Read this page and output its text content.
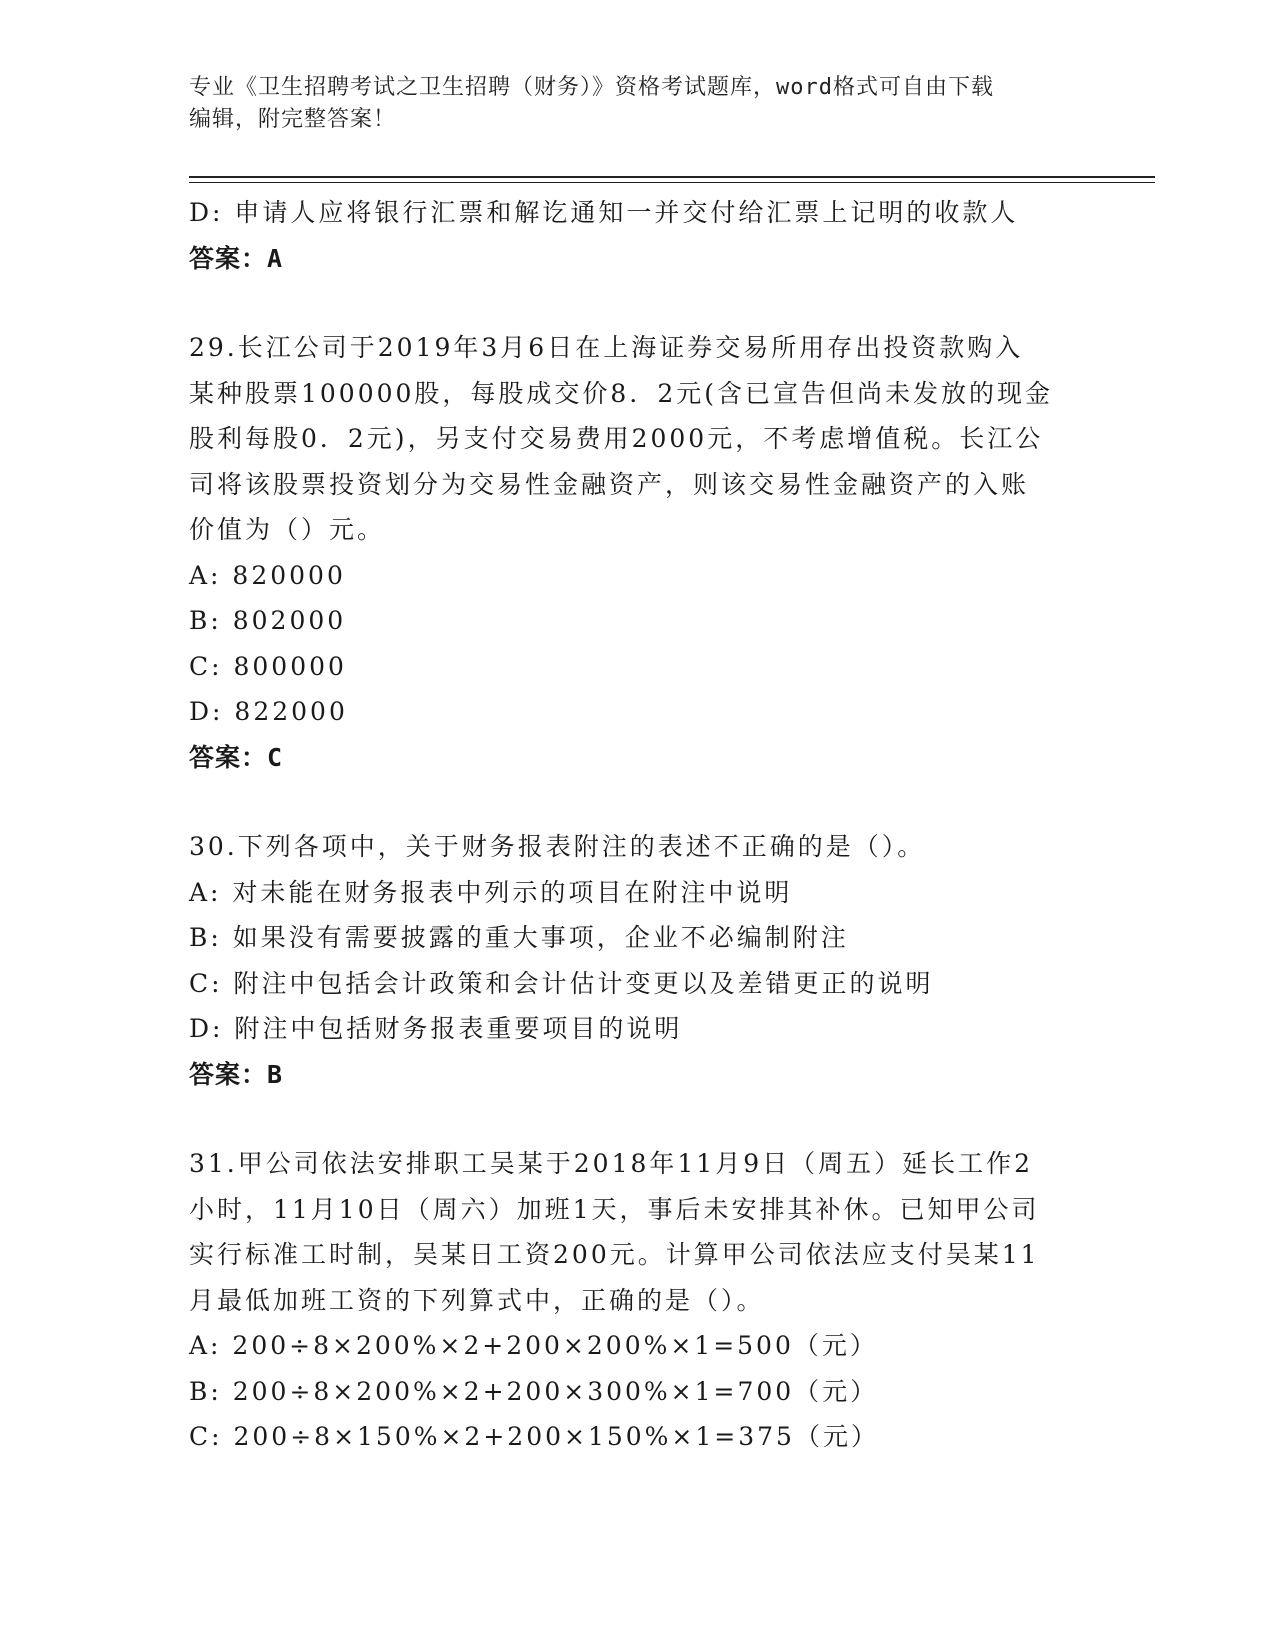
专业《卫生招聘考试之卫生招聘（财务）》资格考试题库，word格式可自由下载
编辑，附完整答案！

D: 申请人应将银行汇票和解讫通知一并交付给汇票上记明的收款人

答案：A

29.长江公司于2019年3月6日在上海证券交易所用存出投资款购入

某种股票100000股，每股成交价8．2元(含已宣告但尚未发放的现金

股利每股0．2元)，另支付交易费用2000元，不考虑增值税。长江公

司将该股票投资划分为交易性金融资产，则该交易性金融资产的入账

价值为（）元。

A: 820000

B: 802000

C: 800000

D: 822000

答案：C

30.下列各项中，关于财务报表附注的表述不正确的是（）。

A: 对未能在财务报表中列示的项目在附注中说明

B: 如果没有需要披露的重大事项，企业不必编制附注

C: 附注中包括会计政策和会计估计变更以及差错更正的说明

D: 附注中包括财务报表重要项目的说明

答案：B

31.甲公司依法安排职工吴某于2018年11月9日（周五）延长工作2

小时，11月10日（周六）加班1天，事后未安排其补休。已知甲公司

实行标准工时制，吴某日工资200元。计算甲公司依法应支付吴某11

月最低加班工资的下列算式中，正确的是（）。

A: 200÷8×200%×2+200×200%×1=500（元）

B: 200÷8×200%×2+200×300%×1=700（元）

C: 200÷8×150%×2+200×150%×1=375（元）
